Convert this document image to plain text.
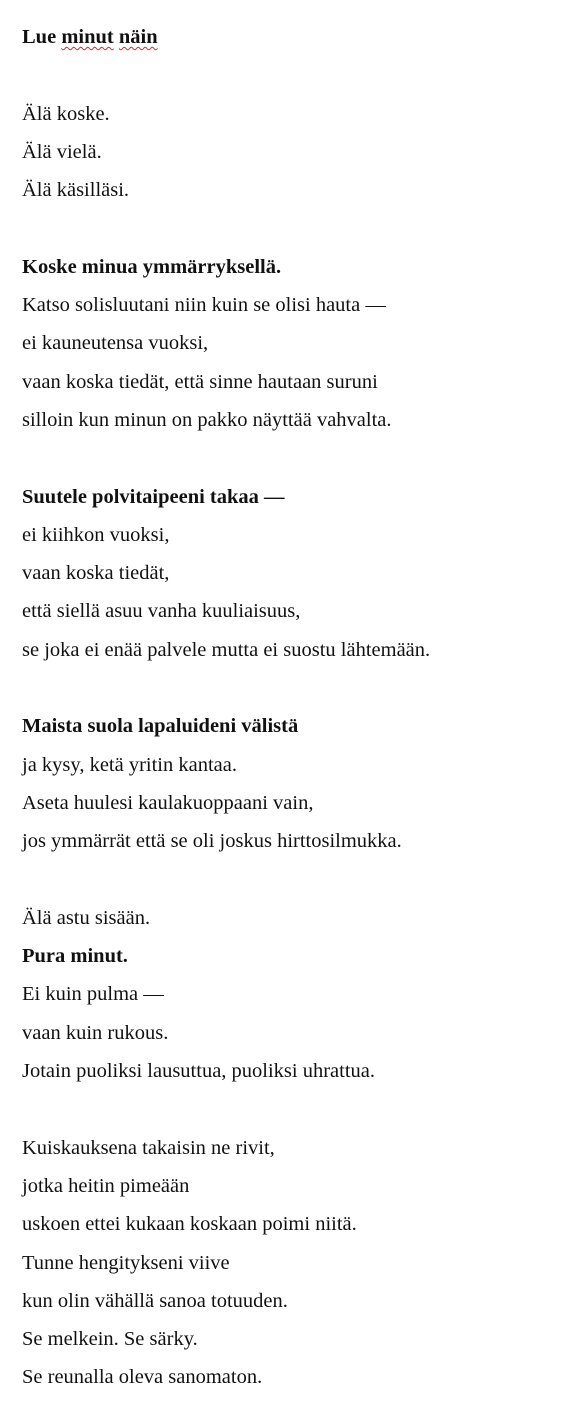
Lue minut näin
Älä koske.
Älä vielä.
Älä käsilläsi.
Koske minua ymmärryksellä.
Katso solisluutani niin kuin se olisi hauta —
ei kauneutensa vuoksi,
vaan koska tiedät, että sinne hautaan suruni
silloin kun minun on pakko näyttää vahvalta.
Suutele polvitaipeeni takaa —
ei kiihkon vuoksi,
vaan koska tiedät,
että siellä asuu vanha kuuliaisuus,
se joka ei enää palvele mutta ei suostu lähtemään.
Maista suola lapaluideni välistä
ja kysy, ketä yritin kantaa.
Aseta huulesi kaulakuoppaani vain,
jos ymmärrät että se oli joskus hirttosilmukka.
Älä astu sisään.
Pura minut.
Ei kuin pulma —
vaan kuin rukous.
Jotain puoliksi lausuttua, puoliksi uhrattua.
Kuiskauksena takaisin ne rivit,
jotka heitin pimeään
uskoen ettei kukaan koskaan poimi niitä.
Tunne hengitykseni viive
kun olin vähällä sanoa totuuden.
Se melkein. Se särky.
Se reunalla oleva sanomaton.
